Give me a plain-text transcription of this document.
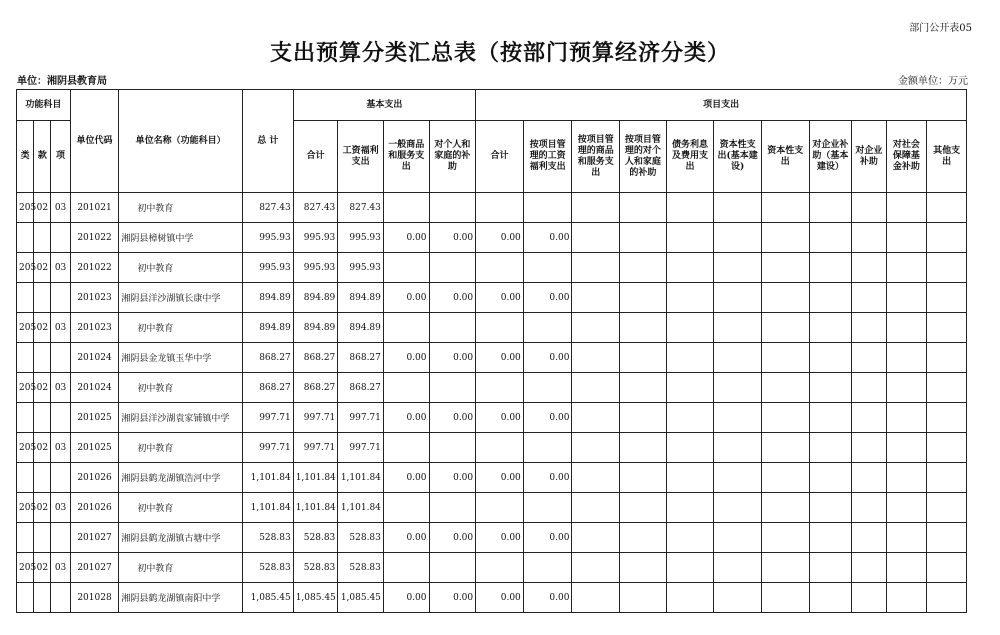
部门公开表05
支出预算分类汇总表（按部门预算经济分类）
单位：湘阴县教育局	金额单位：万元
功能科目			单位代码	单位名称（功能科目）	总 计	基本支出				项目支出										
类	款	项				合计	工资福利支出	一般商品和服务支出	对个人和家庭的补助	合计	按项目管理的工资福利支出	按项目管理的商品和服务支出	按项目管理的对个人和家庭的补助	债务利息及费用支出	资本性支出(基本建设)	资本性支出	对企业补助（基本建设）	对企业补助	对社会保障基金补助	其他支出
205	02	03	201021	初中教育	827.43	827.43	827.43													
			201022	湘阴县樟树镇中学	995.93	995.93	995.93	0.00	0.00	0.00	0.00									
205	02	03	201022	初中教育	995.93	995.93	995.93													
			201023	湘阴县洋沙湖镇长康中学	894.89	894.89	894.89	0.00	0.00	0.00	0.00									
205	02	03	201023	初中教育	894.89	894.89	894.89													
			201024	湘阴县金龙镇玉华中学	868.27	868.27	868.27	0.00	0.00	0.00	0.00									
205	02	03	201024	初中教育	868.27	868.27	868.27													
			201025	湘阴县洋沙湖袁家铺镇中学	997.71	997.71	997.71	0.00	0.00	0.00	0.00									
205	02	03	201025	初中教育	997.71	997.71	997.71													
			201026	湘阴县鹤龙湖镇浩河中学	1,101.84	1,101.84	1,101.84	0.00	0.00	0.00	0.00									
205	02	03	201026	初中教育	1,101.84	1,101.84	1,101.84													
			201027	湘阴县鹤龙湖镇古塘中学	528.83	528.83	528.83	0.00	0.00	0.00	0.00									
205	02	03	201027	初中教育	528.83	528.83	528.83													
			201028	湘阴县鹤龙湖镇南阳中学	1,085.45	1,085.45	1,085.45	0.00	0.00	0.00	0.00									
